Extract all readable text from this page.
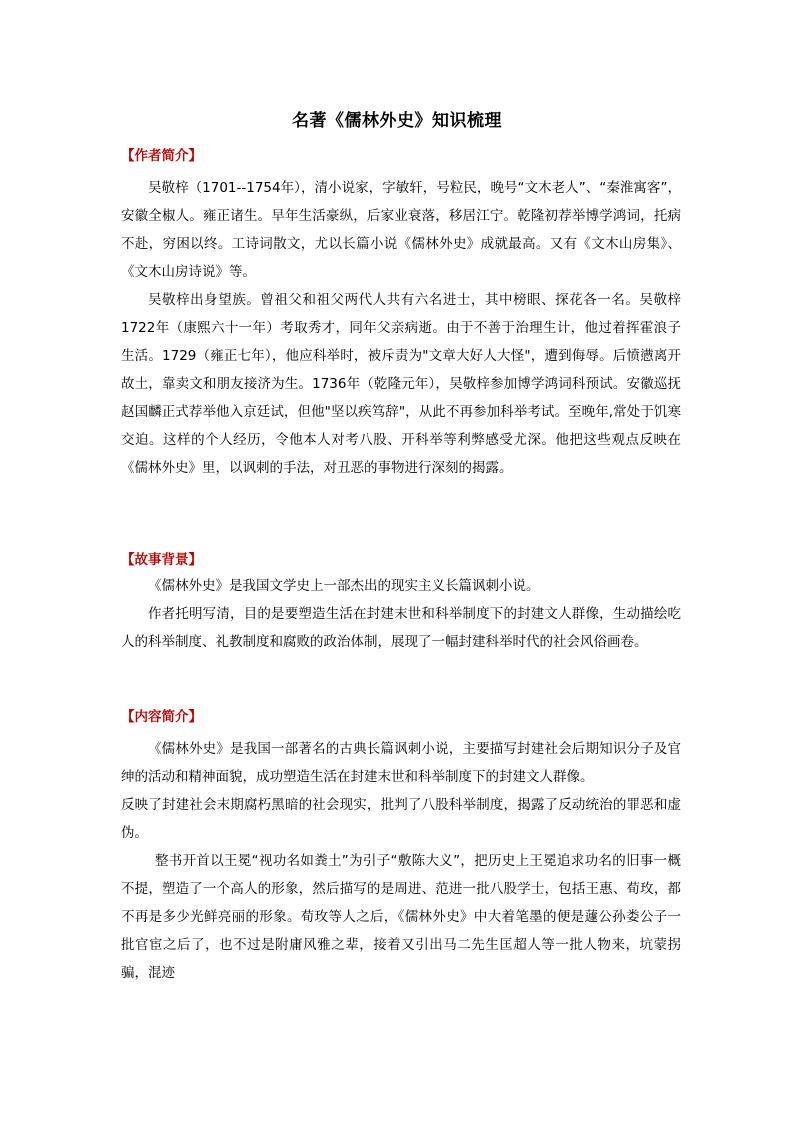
名著《儒林外史》知识梳理
【作者简介】

吴敬梓（1701--1754年），清小说家，字敏轩，号粒民，晚号“文木老人”、“秦淮寓客”，安徽全椒人。雍正诸生。早年生活豪纵，后家业衰落，移居江宁。乾隆初荐举博学鸿词，托病不赴，穷困以终。工诗词散文，尤以长篇小说《儒林外史》成就最高。又有《文木山房集》、《文木山房诗说》等。

吴敬梓出身望族。曾祖父和祖父两代人共有六名进士，其中榜眼、探花各一名。吴敬梓1722年（康熙六十一年）考取秀才，同年父亲病逝。由于不善于治理生计，他过着挥霍浪子生活。1729（雍正七年），他应科举时，被斥责为"文章大好人大怪"，遭到侮辱。后愤懑离开故土，靠卖文和朋友接济为生。1736年（乾隆元年），吴敬梓参加博学鸿词科预试。安徽巡抚赵国麟正式荐举他入京廷试，但他"坚以疾笃辞"，从此不再参加科举考试。至晚年,常处于饥寒交迫。这样的个人经历，令他本人对考八股、开科举等利弊感受尤深。他把这些观点反映在《儒林外史》里，以讽刺的手法，对丑恶的事物进行深刻的揭露。

【故事背景】

《儒林外史》是我国文学史上一部杰出的现实主义长篇讽刺小说。

作者托明写清，目的是要塑造生活在封建末世和科举制度下的封建文人群像，生动描绘吃人的科举制度、礼教制度和腐败的政治体制，展现了一幅封建科举时代的社会风俗画卷。

【内容简介】

《儒林外史》是我国一部著名的古典长篇讽刺小说，主要描写封建社会后期知识分子及官绅的活动和精神面貌，成功塑造生活在封建末世和科举制度下的封建文人群像。

反映了封建社会末期腐朽黑暗的社会现实，批判了八股科举制度，揭露了反动统治的罪恶和虚伪。

整书开首以王冕“视功名如粪土”为引子“敷陈大义”，把历史上王冕追求功名的旧事一概不提，塑造了一个高人的形象，然后描写的是周进、范进一批八股学士，包括王惠、荀玫，都不再是多少光鲜亮丽的形象。荀玫等人之后，《儒林外史》中大着笔墨的便是蘧公孙娄公子一批官宦之后了，也不过是附庸风雅之辈，接着又引出马二先生匡超人等一批人物来，坑蒙拐骗，混迹
